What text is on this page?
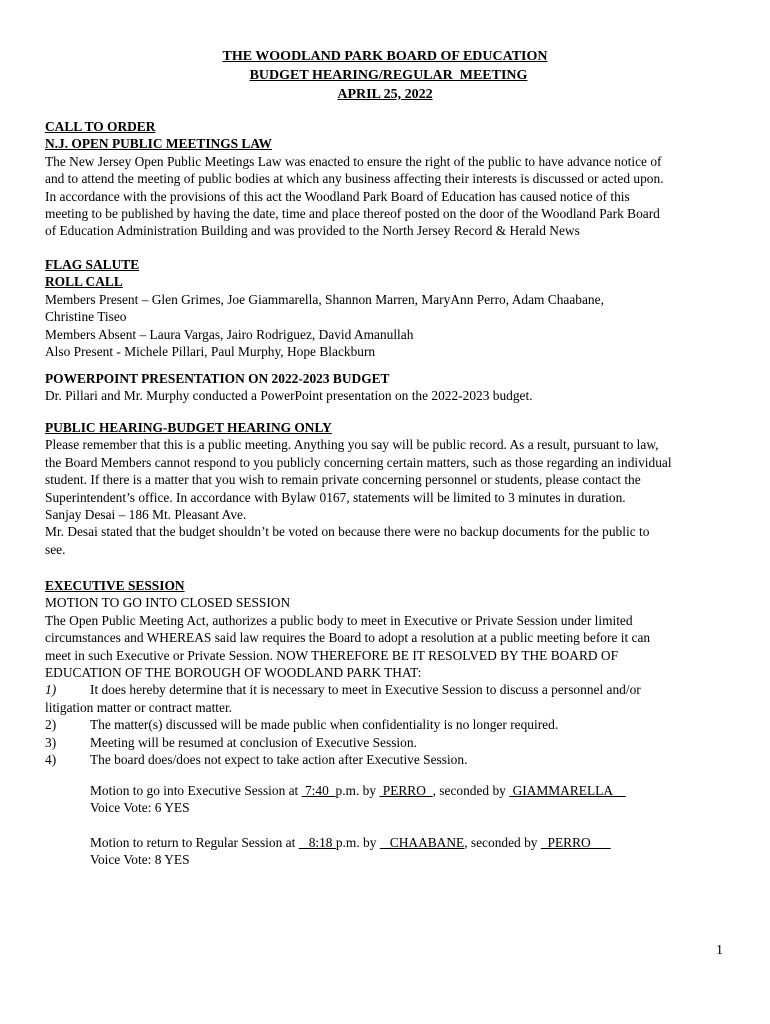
THE WOODLAND PARK BOARD OF EDUCATION
BUDGET HEARING/REGULAR  MEETING
APRIL 25, 2022
CALL TO ORDER
N.J. OPEN PUBLIC MEETINGS LAW
The New Jersey Open Public Meetings Law was enacted to ensure the right of the public to have advance notice of
and to attend the meeting of public bodies at which any business affecting their interests is discussed or acted upon.
In accordance with the provisions of this act the Woodland Park Board of Education has caused notice of this
meeting to be published by having the date, time and place thereof posted on the door of the Woodland Park Board
of Education Administration Building and was provided to the North Jersey Record & Herald News
FLAG SALUTE
ROLL CALL
Members Present – Glen Grimes, Joe Giammarella, Shannon Marren, MaryAnn Perro, Adam Chaabane,
Christine Tiseo
Members Absent – Laura Vargas, Jairo Rodriguez, David Amanullah
Also Present - Michele Pillari, Paul Murphy, Hope Blackburn
POWERPOINT PRESENTATION ON 2022-2023 BUDGET
Dr. Pillari and Mr. Murphy conducted a PowerPoint presentation on the 2022-2023 budget.
PUBLIC HEARING-BUDGET HEARING ONLY
Please remember that this is a public meeting. Anything you say will be public record. As a result, pursuant to law,
the Board Members cannot respond to you publicly concerning certain matters, such as those regarding an individual
student. If there is a matter that you wish to remain private concerning personnel or students, please contact the
Superintendent’s office. In accordance with Bylaw 0167, statements will be limited to 3 minutes in duration.
Sanjay Desai – 186 Mt. Pleasant Ave.
Mr. Desai stated that the budget shouldn’t be voted on because there were no backup documents for the public to
see.
EXECUTIVE SESSION
MOTION TO GO INTO CLOSED SESSION
The Open Public Meeting Act, authorizes a public body to meet in Executive or Private Session under limited
circumstances and WHEREAS said law requires the Board to adopt a resolution at a public meeting before it can
meet in such Executive or Private Session. NOW THEREFORE BE IT RESOLVED BY THE BOARD OF
EDUCATION OF THE BOROUGH OF WOODLAND PARK THAT:
1)	It does hereby determine that it is necessary to meet in Executive Session to discuss a personnel and/or
litigation matter or contract matter.
2)	The matter(s) discussed will be made public when confidentiality is no longer required.
3)	Meeting will be resumed at conclusion of Executive Session.
4)	The board does/does not expect to take action after Executive Session.
Motion to go into Executive Session at  7:40  p.m. by  PERRO  , seconded by  GIAMMARELLA
Voice Vote: 6 YES
Motion to return to Regular Session at    8:18 p.m. by    CHAABANE, seconded by   PERRO
Voice Vote: 8 YES
1
